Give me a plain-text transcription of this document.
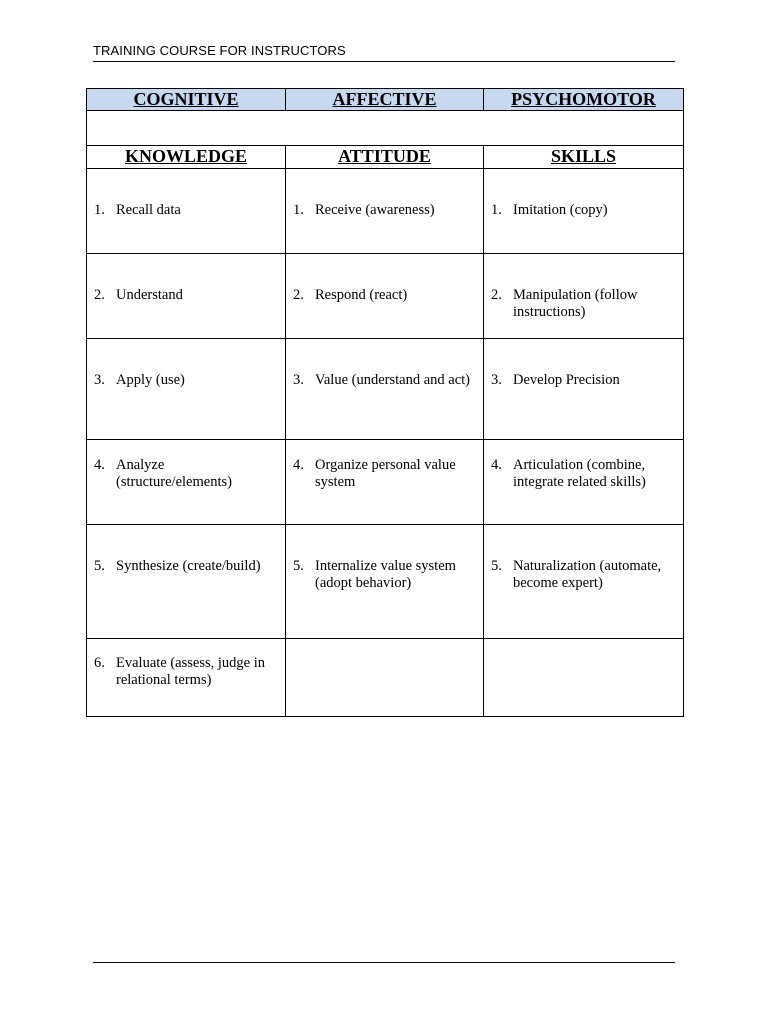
TRAINING COURSE FOR INSTRUCTORS
COGNITIVE	AFFECTIVE	PSYCHOMOTOR

KNOWLEDGE	ATTITUDE	SKILLS

1. Recall data	1. Receive (awareness)	1. Imitation (copy)

2. Understand	2. Respond (react)	2. Manipulation (follow instructions)

3. Apply (use)	3. Value (understand and act)	3. Develop Precision

4. Analyze (structure/elements)	4. Organize personal value system	4. Articulation (combine, integrate related skills)

5. Synthesize (create/build)	5. Internalize value system (adopt behavior)	5. Naturalization (automate, become expert)

6. Evaluate (assess, judge in relational terms)		
